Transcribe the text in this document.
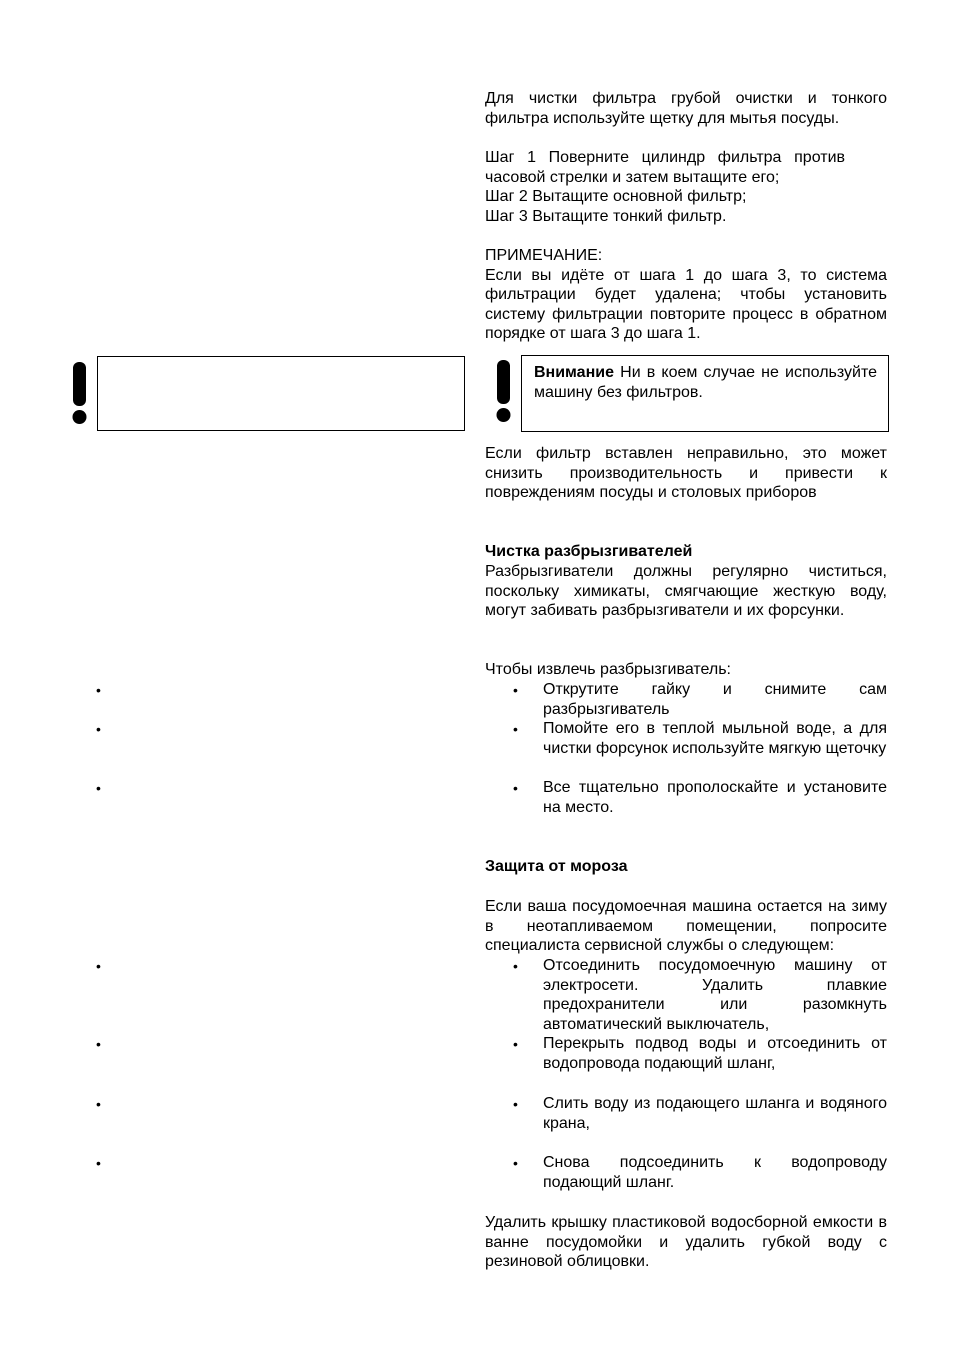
Для чистки фильтра грубой очистки и тонкого фильтра используйте щетку для мытья посуды.
Шаг 1 Поверните цилиндр фильтра против часовой стрелки и затем вытащите его;
Шаг 2 Вытащите основной фильтр;
Шаг 3 Вытащите тонкий фильтр.
ПРИМЕЧАНИЕ:
Если вы идёте от шага 1 до шага 3, то система фильтрации будет удалена; чтобы установить систему фильтрации повторите процесс в обратном порядке от шага 3 до шага 1.
Внимание Ни в коем случае не используйте машину без фильтров.
Если фильтр вставлен неправильно, это может снизить производительность и привести к повреждениям посуды и столовых приборов
Чистка разбрызгивателей
Разбрызгиватели должны регулярно чиститься, поскольку химикаты, смягчающие жесткую воду, могут забивать разбрызгиватели и их форсунки.
Чтобы извлечь разбрызгиватель:
• Открутите гайку и снимите сам разбрызгиватель
• Помойте его в теплой мыльной воде, а для чистки форсунок используйте мягкую щеточку
• Все тщательно прополоскайте и установите на место.
•
•
•
Защита от мороза
Если ваша посудомоечная машина остается на зиму в неотапливаемом помещении, попросите специалиста сервисной службы о следующем:
• Отсоединить посудомоечную машину от электросети. Удалить плавкие предохранители или разомкнуть автоматический выключатель,
• Перекрыть подвод воды и отсоединить от водопровода подающий шланг,
• Слить воду из подающего шланга и водяного крана,
• Снова подсоединить к водопроводу подающий шланг.
•
•
•
•
Удалить крышку пластиковой водосборной емкости в ванне посудомойки и удалить губкой воду с резиновой облицовки.
